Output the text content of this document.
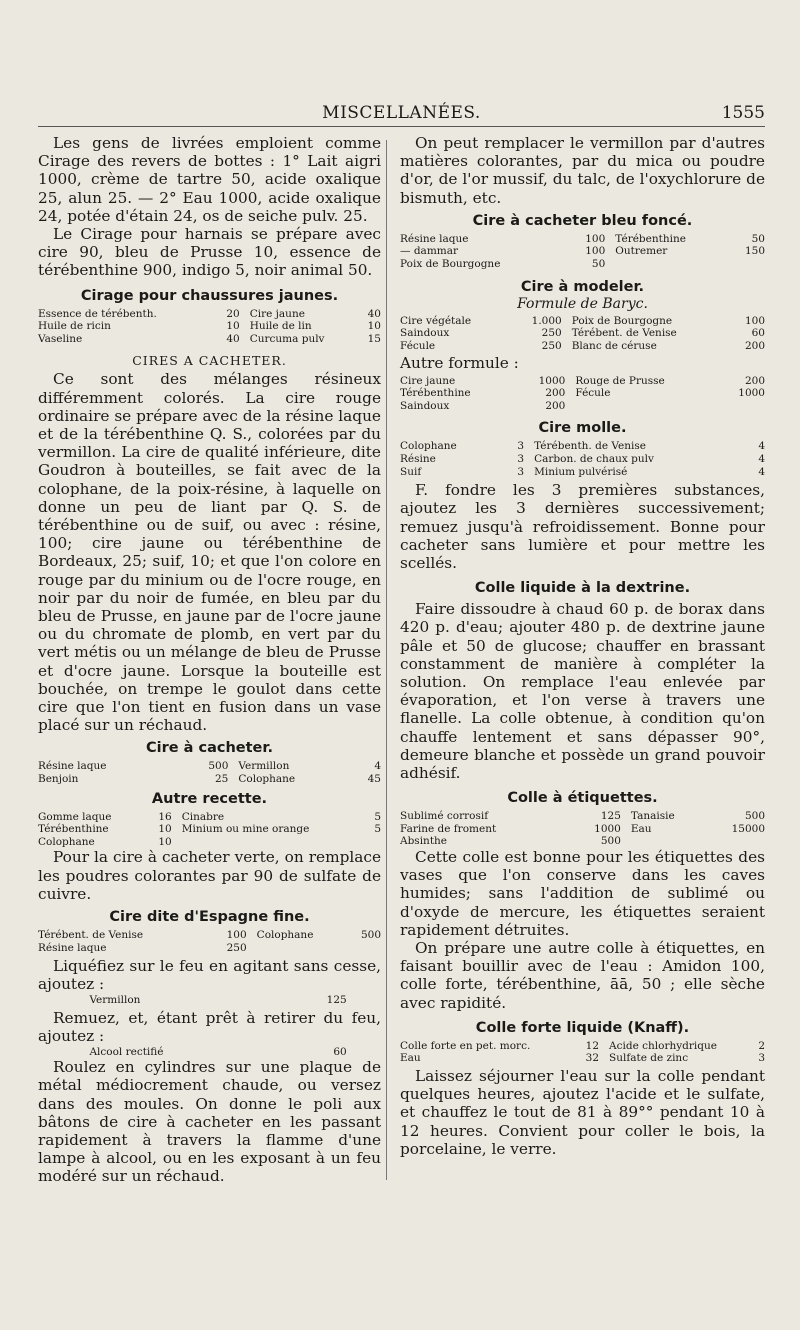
MISCELLANÉES.	1555

Les gens de livrées emploient comme Cirage des revers de bottes : 1° Lait aigri 1000, crème de tartre 50, acide oxalique 25, alun 25. — 2° Eau 1000, acide oxalique 24, potée d'étain 24, os de seiche pulv. 25.

Le Cirage pour harnais se prépare avec cire 90, bleu de Prusse 10, essence de térébenthine 900, indigo 5, noir animal 50.

Cirage pour chaussures jaunes.
Essence de térébenth.	20	Cire jaune	40
Huile de ricin	10	Huile de lin	10
Vaseline	40	Curcuma pulv	15
CIRES A CACHETER.

Ce sont des mélanges résineux différemment colorés. La cire rouge ordinaire se prépare avec de la résine laque et de la térébenthine Q. S., colorées par du vermillon. La cire de qualité inférieure, dite Goudron à bouteilles, se fait avec de la colophane, de la poix-résine, à laquelle on donne un peu de liant par Q. S. de térébenthine ou de suif, ou avec : résine, 100; cire jaune ou térébenthine de Bordeaux, 25; suif, 10; et que l'on colore en rouge par du minium ou de l'ocre rouge, en noir par du noir de fumée, en bleu par du bleu de Prusse, en jaune par de l'ocre jaune ou du chromate de plomb, en vert par du vert métis ou un mélange de bleu de Prusse et d'ocre jaune. Lorsque la bouteille est bouchée, on trempe le goulot dans cette cire que l'on tient en fusion dans un vase placé sur un réchaud.

Cire à cacheter.
Résine laque	500	Vermillon	4
Benjoin	25	Colophane	45
Autre recette.
Gomme laque	16	Cinabre	5
Térébenthine	10	Minium ou mine orange	5
Colophane	10		

Pour la cire à cacheter verte, on remplace les poudres colorantes par 90 de sulfate de cuivre.

Cire dite d'Espagne fine.
Térébent. de Venise	100	Colophane	500
Résine laque	250		

Liquéfiez sur le feu en agitant sans cesse, ajoutez :

Vermillon	125

Remuez, et, étant prêt à retirer du feu, ajoutez :

Alcool rectifié	60

Roulez en cylindres sur une plaque de métal médiocrement chaude, ou versez dans des moules. On donne le poli aux bâtons de cire à cacheter en les passant rapidement à travers la flamme d'une lampe à alcool, ou en les exposant à un feu modéré sur un réchaud.

On peut remplacer le vermillon par d'autres matières colorantes, par du mica ou poudre d'or, de l'or mussif, du talc, de l'oxychlorure de bismuth, etc.

Cire à cacheter bleu foncé.
Résine laque	100	Térébenthine	50
— dammar	100	Outremer	150
Poix de Bourgogne	50		
Cire à modeler.
Formule de Baryc.
Cire végétale	1.000	Poix de Bourgogne	100
Saindoux	250	Térébent. de Venise	60
Fécule	250	Blanc de céruse	200

Autre formule :

Cire jaune	1000	Rouge de Prusse	200
Térébenthine	200	Fécule	1000
Saindoux	200		
Cire molle.
Colophane	3	Térébenth. de Venise	4
Résine	3	Carbon. de chaux pulv	4
Suif	3	Minium pulvérisé	4

F. fondre les 3 premières substances, ajoutez les 3 dernières successivement; remuez jusqu'à refroidissement. Bonne pour cacheter sans lumière et pour mettre les scellés.

Colle liquide à la dextrine.

Faire dissoudre à chaud 60 p. de borax dans 420 p. d'eau; ajouter 480 p. de dextrine jaune pâle et 50 de glucose; chauffer en brassant constamment de manière à compléter la solution. On remplace l'eau enlevée par évaporation, et l'on verse à travers une flanelle. La colle obtenue, à condition qu'on chauffe lentement et sans dépasser 90°, demeure blanche et possède un grand pouvoir adhésif.

Colle à étiquettes.
Sublimé corrosif	125	Tanaisie	500
Farine de froment	1000	Eau	15000
Absinthe	500		

Cette colle est bonne pour les étiquettes des vases que l'on conserve dans les caves humides; sans l'addition de sublimé ou d'oxyde de mercure, les étiquettes seraient rapidement détruites.

On prépare une autre colle à étiquettes, en faisant bouillir avec de l'eau : Amidon 100, colle forte, térébenthine, āā, 50 ; elle sèche avec rapidité.

Colle forte liquide (Knaff).
Colle forte en pet. morc.	12	Acide chlorhydrique	2
Eau	32	Sulfate de zinc	3

Laissez séjourner l'eau sur la colle pendant quelques heures, ajoutez l'acide et le sulfate, et chauffez le tout de 81 à 89°° pendant 10 à 12 heures. Convient pour coller le bois, la porcelaine, le verre.
